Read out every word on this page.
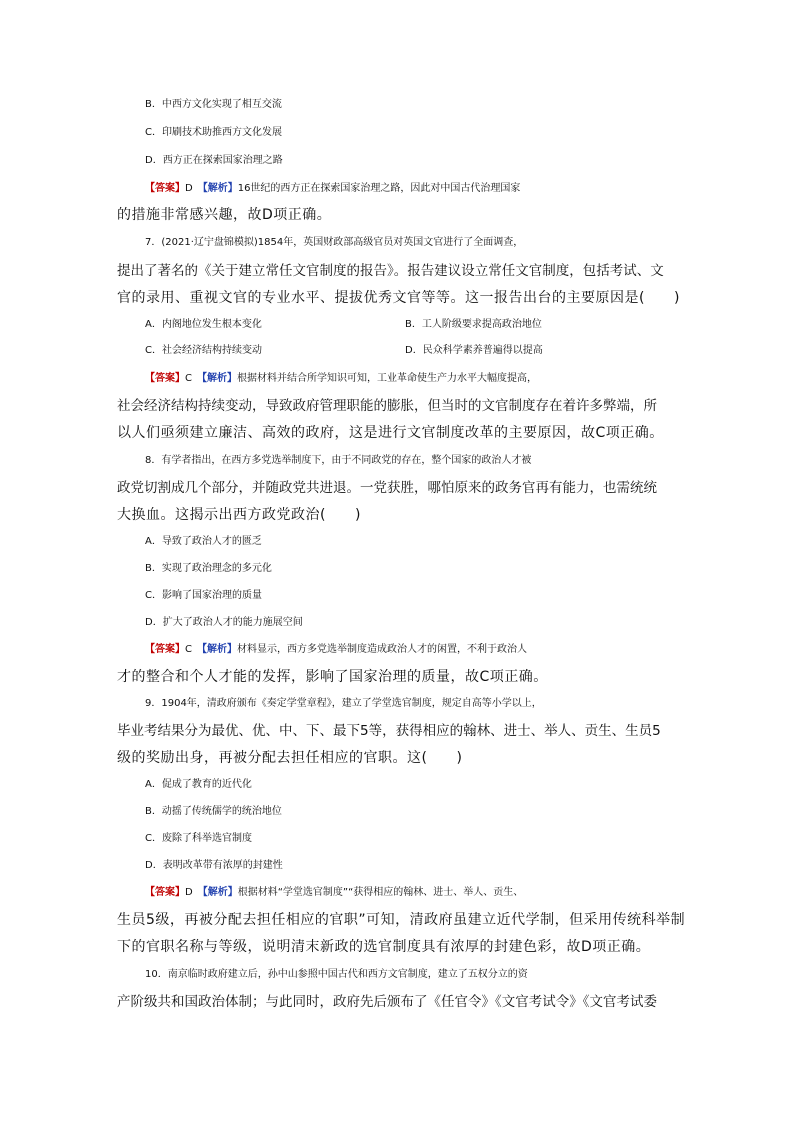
B．中西方文化实现了相互交流
C．印刷技术助推西方文化发展
D．西方正在探索国家治理之路
【答案】D　 【解析】16世纪的西方正在探索国家治理之路，因此对中国古代治理国家
的措施非常感兴趣，故D项正确。
7．(2021·辽宁盘锦模拟)1854年，英国财政部高级官员对英国文官进行了全面调查，
提出了著名的《关于建立常任文官制度的报告》。报告建议设立常任文官制度，包括考试、文
官的录用、重视文官的专业水平、提拔优秀文官等等。这一报告出台的主要原因是(　　)
A．内阁地位发生根本变化	B．工人阶级要求提高政治地位
C．社会经济结构持续变动	D．民众科学素养普遍得以提高
【答案】C　 【解析】根据材料并结合所学知识可知，工业革命使生产力水平大幅度提高，
社会经济结构持续变动，导致政府管理职能的膨胀，但当时的文官制度存在着许多弊端，所
以人们亟须建立廉洁、高效的政府，这是进行文官制度改革的主要原因，故C项正确。
8．有学者指出，在西方多党选举制度下，由于不同政党的存在，整个国家的政治人才被
政党切割成几个部分，并随政党共进退。一党获胜，哪怕原来的政务官再有能力，也需统统
大换血。这揭示出西方政党政治(　　)
A．导致了政治人才的匮乏
B．实现了政治理念的多元化
C．影响了国家治理的质量
D．扩大了政治人才的能力施展空间
【答案】C　 【解析】材料显示，西方多党选举制度造成政治人才的闲置，不利于政治人
才的整合和个人才能的发挥，影响了国家治理的质量，故C项正确。
9．1904年，清政府颁布《奏定学堂章程》，建立了学堂选官制度，规定自高等小学以上，
毕业考结果分为最优、优、中、下、最下5等，获得相应的翰林、进士、举人、贡生、生员5
级的奖励出身，再被分配去担任相应的官职。这(　　)
A．促成了教育的近代化
B．动摇了传统儒学的统治地位
C．废除了科举选官制度
D．表明改革带有浓厚的封建性
【答案】D　 【解析】根据材料“学堂选官制度”“获得相应的翰林、进士、举人、贡生、
生员5级，再被分配去担任相应的官职”可知，清政府虽建立近代学制，但采用传统科举制
下的官职名称与等级，说明清末新政的选官制度具有浓厚的封建色彩，故D项正确。
10．南京临时政府建立后，孙中山参照中国古代和西方文官制度，建立了五权分立的资
产阶级共和国政治体制；与此同时，政府先后颁布了《任官令》《文官考试令》《文官考试委
